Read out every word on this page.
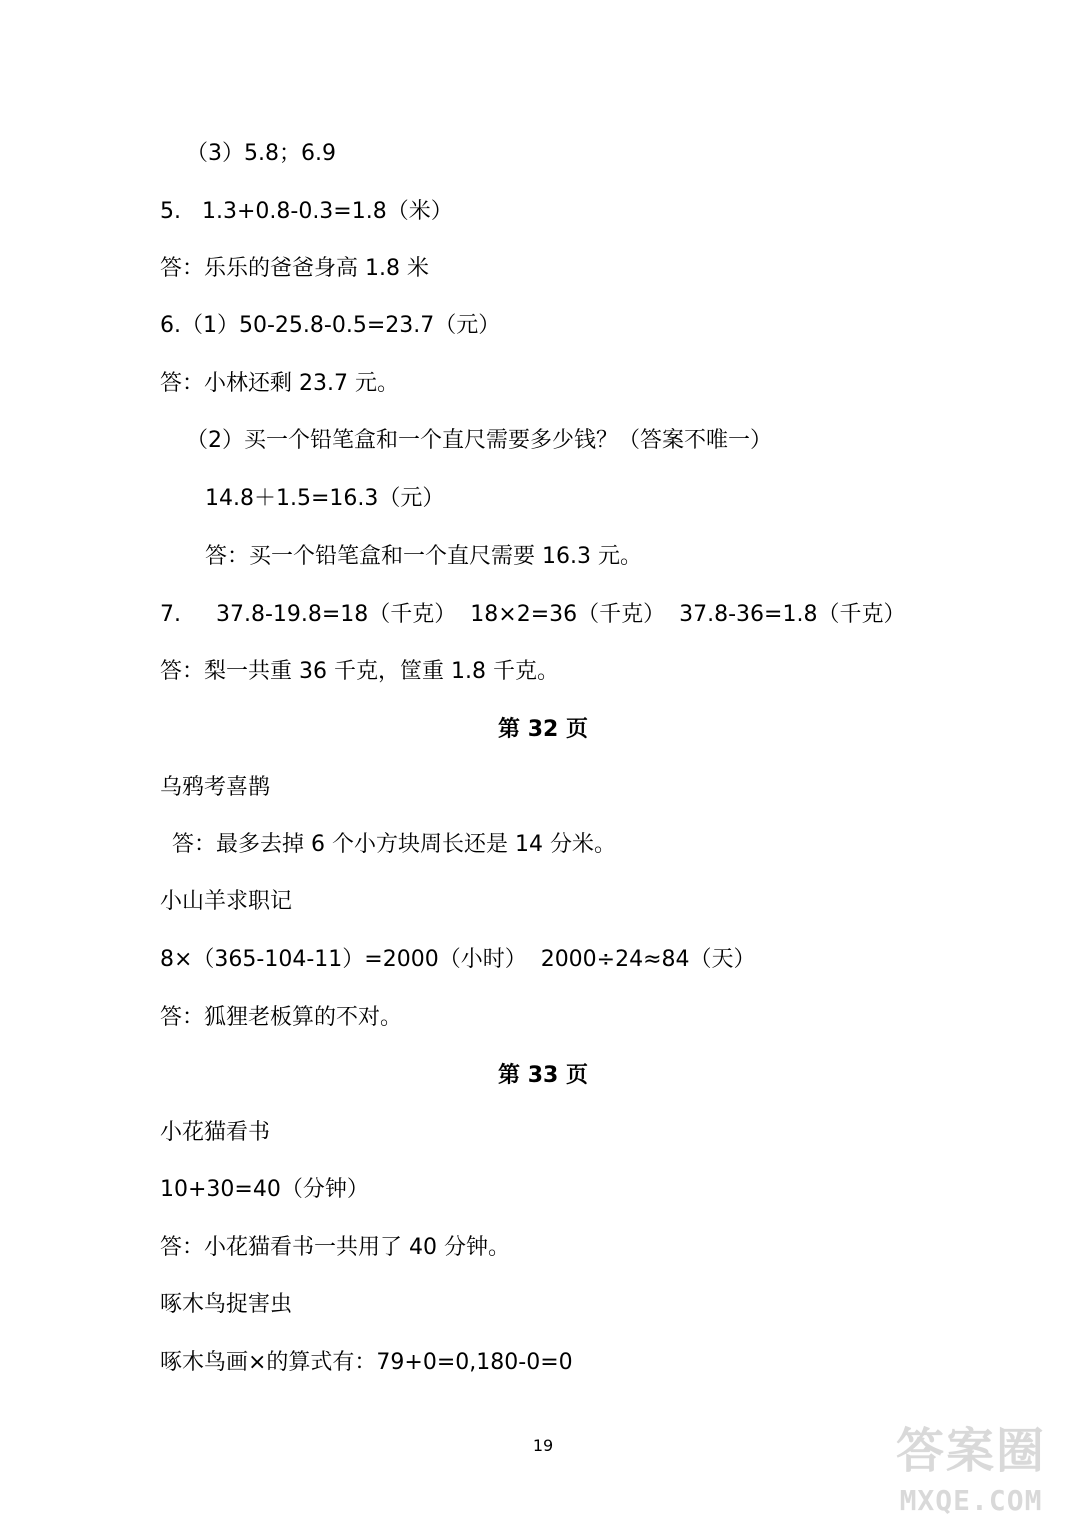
（3）5.8；6.9
5.   1.3+0.8-0.3=1.8（米）
答：乐乐的爸爸身高 1.8 米
6.（1）50-25.8-0.5=23.7（元）
答：小林还剩 23.7 元。
（2）买一个铅笔盒和一个直尺需要多少钱？（答案不唯一）
14.8＋1.5=16.3（元）
答：买一个铅笔盒和一个直尺需要 16.3 元。
7.     37.8-19.8=18（千克）  18×2=36（千克）  37.8-36=1.8（千克）
答：梨一共重 36 千克，筐重 1.8 千克。
第 32 页
乌鸦考喜鹊
答：最多去掉 6 个小方块周长还是 14 分米。
小山羊求职记
8×（365-104-11）=2000（小时）  2000÷24≈84（天）
答：狐狸老板算的不对。
第 33 页
小花猫看书
10+30=40（分钟）
答：小花猫看书一共用了 40 分钟。
啄木鸟捉害虫
啄木鸟画×的算式有：79+0=0,180-0=0
19	答案圈
MXQE.COM
